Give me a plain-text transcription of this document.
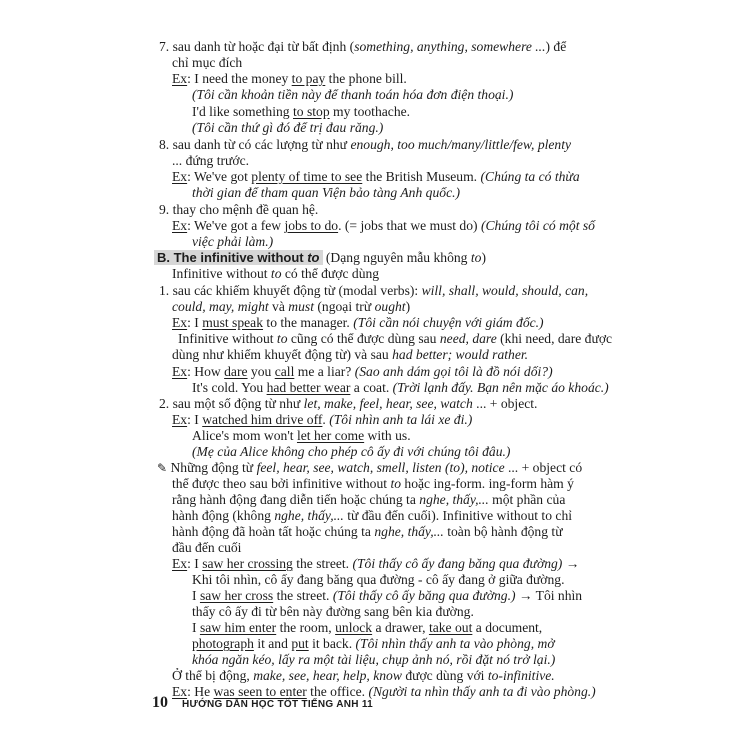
7. sau danh từ hoặc đại từ bất định (something, anything, somewhere ...) để
chỉ mục đích
Ex: I need the money to pay the phone bill.
(Tôi cần khoản tiền này để thanh toán hóa đơn điện thoại.)
I'd like something to stop my toothache.
(Tôi cần thứ gì đó để trị đau răng.)
8. sau danh từ có các lượng từ như enough, too much/many/little/few, plenty
... đứng trước.
Ex: We've got plenty of time to see the British Museum. (Chúng ta có thừa
thời gian để tham quan Viện bảo tàng Anh quốc.)
9. thay cho mệnh đề quan hệ.
Ex: We've got a few jobs to do. (= jobs that we must do) (Chúng tôi có một số
việc phải làm.)
B. The infinitive without to (Dạng nguyên mẫu không to)
Infinitive without to có thể được dùng
1. sau các khiếm khuyết động từ (modal verbs): will, shall, would, should, can,
could, may, might và must (ngoại trừ ought)
Ex: I must speak to the manager. (Tôi cần nói chuyện với giám đốc.)
Infinitive without to cũng có thể được dùng sau need, dare (khi need, dare được
dùng như khiếm khuyết động từ) và sau had better; would rather.
Ex: How dare you call me a liar? (Sao anh dám gọi tôi là đồ nói dối?)
It's cold. You had better wear a coat. (Trời lạnh đấy. Bạn nên mặc áo khoác.)
2. sau một số động từ như let, make, feel, hear, see, watch ... + object.
Ex: I watched him drive off. (Tôi nhìn anh ta lái xe đi.)
Alice's mom won't let her come with us.
(Mẹ của Alice không cho phép cô ấy đi với chúng tôi đâu.)
✎ Những động từ feel, hear, see, watch, smell, listen (to), notice ... + object có
thể được theo sau bởi infinitive without to hoặc ing-form. ing-form hàm ý
rằng hành động đang diễn tiến hoặc chúng ta nghe, thấy,... một phần của
hành động (không nghe, thấy,... từ đầu đến cuối). Infinitive without to chỉ
hành động đã hoàn tất hoặc chúng ta nghe, thấy,... toàn bộ hành động từ
đầu đến cuối
Ex: I saw her crossing the street. (Tôi thấy cô ấy đang băng qua đường) →
Khi tôi nhìn, cô ấy đang băng qua đường - cô ấy đang ở giữa đường.
I saw her cross the street. (Tôi thấy cô ấy băng qua đường.) → Tôi nhìn
thấy cô ấy đi từ bên này đường sang bên kia đường.
I saw him enter the room, unlock a drawer, take out a document,
photograph it and put it back. (Tôi nhìn thấy anh ta vào phòng, mở
khóa ngăn kéo, lấy ra một tài liệu, chụp ảnh nó, rồi đặt nó trở lại.)
Ở thể bị động, make, see, hear, help, know được dùng với to-infinitive.
Ex: He was seen to enter the office. (Người ta nhìn thấy anh ta đi vào phòng.)
10 HƯỚNG DẪN HỌC TỐT TIẾNG ANH 11
